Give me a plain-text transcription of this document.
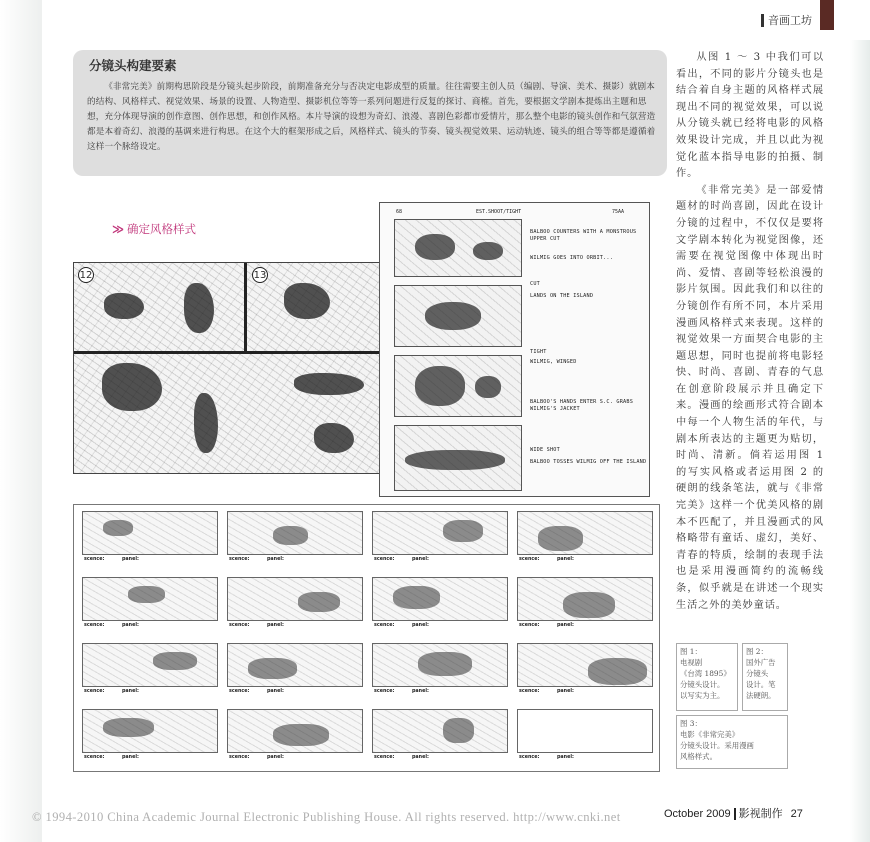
音画工坊
分镜头构建要素

《非常完美》前期构思阶段是分镜头起步阶段，前期准备充分与否决定电影成型的质量。往往需要主创人员（编剧、导演、美术、摄影）就剧本的结构、风格样式、视觉效果、场景的设置、人物造型、摄影机位等等一系列问题进行反复的探讨、商榷。首先，要根据文学剧本提炼出主题和思想，充分体现导演的创作意图、创作思想，和创作风格。本片导演的设想为奇幻、浪漫、喜剧色彩都市爱情片，那么整个电影的镜头创作和气氛营造都是本着奇幻、浪漫的基调来进行构思。在这个大的框架形成之后，风格样式、镜头的节奏、镜头视觉效果、运动轨迹、镜头的组合等等都是遵循着这样一个脉络设定。

从图 1 ～ 3 中我们可以看出，不同的影片分镜头也是结合着自身主题的风格样式展现出不同的视觉效果，可以说从分镜头就已经将电影的风格效果设计完成，并且以此为视觉化蓝本指导电影的拍摄、制作。

《非常完美》是一部爱情题材的时尚喜剧，因此在设计分镜的过程中，不仅仅是要将文学剧本转化为视觉图像，还需要在视觉图像中体现出时尚、爱情、喜剧等轻松浪漫的影片氛围。因此我们和以往的分镜创作有所不同，本片采用漫画风格样式来表现。这样的视觉效果一方面契合电影的主题思想，同时也提前将电影轻快、时尚、喜剧、青春的气息在创意阶段展示并且确定下来。漫画的绘画形式符合剧本中每一个人物生活的年代，与剧本所表达的主题更为贴切，时尚、清新。倘若运用图 1 的写实风格或者运用图 2 的硬朗的线条笔法，就与《非常完美》这样一个优美风格的剧本不匹配了，并且漫画式的风格略带有童话、虚幻，美好、青春的特质，绘制的表现手法也是采用漫画简约的流畅线条，似乎就是在讲述一个现实生活之外的美妙童话。

≫ 确定风格样式
12	13
68	EST.SHOOT/TIGHT	75AA
BALBOO COUNTERS WITH A MONSTROUS UPPER CUT
WILMIG GOES INTO ORBIT...
CUT
LANDS ON THE ISLAND
TIGHT
WILMIG, WINGED
BALBOO'S HANDS ENTER S.C. GRABS WILMIG'S JACKET
WIDE SHOT
BALBOO TOSSES WILMIG OFF THE ISLAND
scence:	panel:	scence:	panel:	scence:	panel:	scence:	panel:
scence:	panel:	scence:	panel:	scence:	panel:	scence:	panel:
scence:	panel:	scence:	panel:	scence:	panel:	scence:	panel:
scence:	panel:	scence:	panel:	scence:	panel:	scence:	panel:
图 1：
电视剧
《台湾 1895》
分镜头设计。
以写实为主。
图 2：
国外广告
分镜头
设计。笔
法硬朗。
图 3：
电影《非常完美》
分镜头设计。采用漫画
风格样式。
October 2009 影视制作 27
© 1994-2010 China Academic Journal Electronic Publishing House. All rights reserved. http://www.cnki.net
